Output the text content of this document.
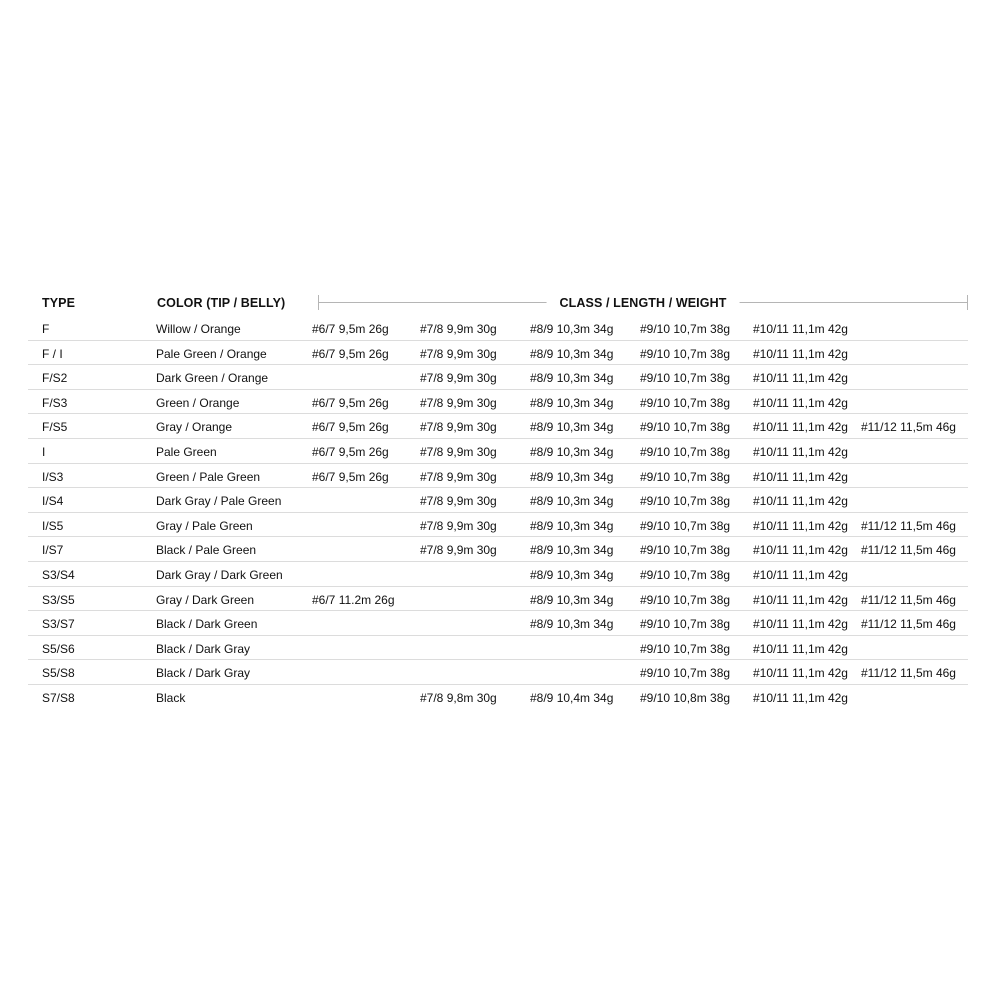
TYPE	COLOR (TIP / BELLY)	CLASS / LENGTH / WEIGHT
F	Willow / Orange	#6/7 9,5m 26g	#7/8 9,9m 30g	#8/9 10,3m 34g #9/10 10,7m 38g #10/11 11,1m 42g
F / I	Pale Green / Orange	#6/7 9,5m 26g	#7/8 9,9m 30g	#8/9 10,3m 34g #9/10 10,7m 38g #10/11 11,1m 42g
F/S2	Dark Green / Orange	#7/8 9,9m 30g	#8/9 10,3m 34g #9/10 10,7m 38g #10/11 11,1m 42g
F/S3	Green / Orange	#6/7 9,5m 26g	#7/8 9,9m 30g	#8/9 10,3m 34g #9/10 10,7m 38g #10/11 11,1m 42g
F/S5	Gray / Orange	#6/7 9,5m 26g	#7/8 9,9m 30g	#8/9 10,3m 34g #9/10 10,7m 38g #10/11 11,1m 42g #11/12 11,5m 46g
I	Pale Green	#6/7 9,5m 26g	#7/8 9,9m 30g	#8/9 10,3m 34g #9/10 10,7m 38g #10/11 11,1m 42g
I/S3	Green / Pale Green	#6/7 9,5m 26g	#7/8 9,9m 30g	#8/9 10,3m 34g #9/10 10,7m 38g #10/11 11,1m 42g
I/S4	Dark Gray / Pale Green	#7/8 9,9m 30g	#8/9 10,3m 34g #9/10 10,7m 38g #10/11 11,1m 42g
I/S5	Gray / Pale Green	#7/8 9,9m 30g	#8/9 10,3m 34g #9/10 10,7m 38g #10/11 11,1m 42g #11/12 11,5m 46g
I/S7	Black / Pale Green	#7/8 9,9m 30g	#8/9 10,3m 34g #9/10 10,7m 38g #10/11 11,1m 42g #11/12 11,5m 46g
S3/S4	Dark Gray / Dark Green	#8/9 10,3m 34g #9/10 10,7m 38g #10/11 11,1m 42g
S3/S5	Gray / Dark Green	#6/7 11.2m 26g	#8/9 10,3m 34g #9/10 10,7m 38g #10/11 11,1m 42g #11/12 11,5m 46g
S3/S7	Black / Dark Green	#8/9 10,3m 34g #9/10 10,7m 38g #10/11 11,1m 42g #11/12 11,5m 46g
S5/S6	Black / Dark Gray	#9/10 10,7m 38g #10/11 11,1m 42g
S5/S8	Black / Dark Gray	#9/10 10,7m 38g #10/11 11,1m 42g #11/12 11,5m 46g
S7/S8	Black	#7/8 9,8m 30g	#8/9 10,4m 34g #9/10 10,8m 38g #10/11 11,1m 42g
